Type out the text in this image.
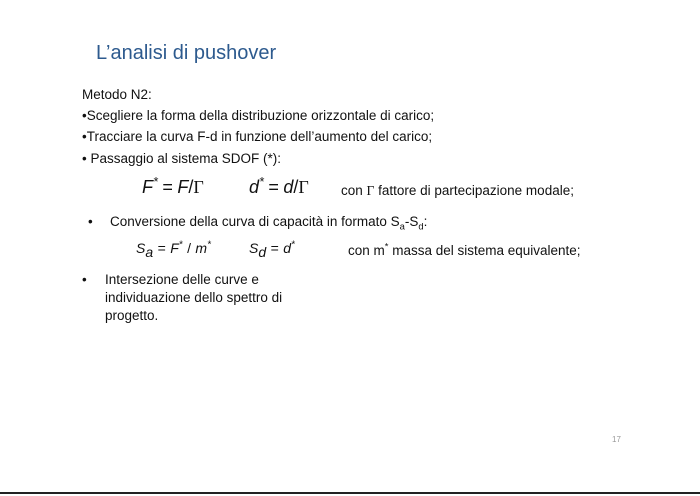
L’analisi di pushover
Metodo N2:
•Scegliere la forma della distribuzione orizzontale di carico;
•Tracciare la curva F-d in funzione dell’aumento del carico;
• Passaggio al sistema SDOF (*):
F* = F/Γ	d* = d/Γ con Γ fattore di partecipazione modale;
• Conversione della curva di capacità in formato $S_a-S_d$:
$S_a = F^* / m^*$	$S_d = d^*$	con m* massa del sistema equivalente;
• Intersezione delle curve e
individuazione dello spettro di
progetto.
17
